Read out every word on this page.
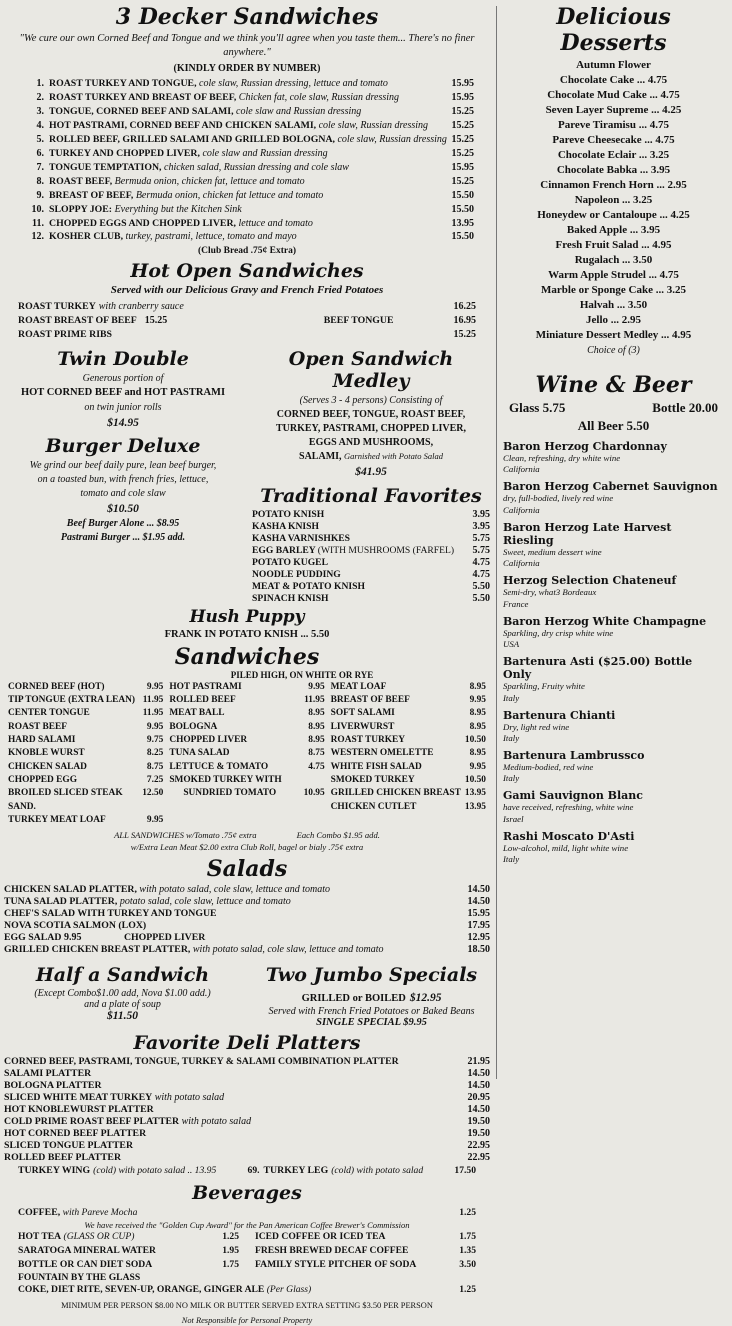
3 Decker Sandwiches
"We cure our own Corned Beef and Tongue and we think you'll agree when you taste them... There's no finer anywhere."
(KINDLY ORDER BY NUMBER)
1. ROAST TURKEY AND TONGUE,
cole slaw, Russian dressing, lettuce and tomato	15.95
2. ROAST TURKEY AND BREAST OF BEEF,
Chicken fat, cole slaw, Russian dressing	15.95
3. TONGUE, CORNED BEEF AND SALAMI,
cole slaw and Russian dressing	15.25
4. HOT PASTRAMI, CORNED BEEF AND CHICKEN SALAMI,
cole slaw, Russian dressing 15.25
5. ROLLED BEEF, GRILLED SALAMI AND GRILLED BOLOGNA,
cole slaw, Russian dressing 15.25
6. TURKEY AND CHOPPED LIVER,
cole slaw and Russian dressing	15.25
7. TONGUE TEMPTATION,
chicken salad, Russian dressing and cole slaw	15.95
8. ROAST BEEF,
Bermuda onion, chicken fat, lettuce and tomato	15.25
9. BREAST OF BEEF,
Bermuda onion, chicken fat lettuce and tomato	15.50
10. SLOPPY JOE:
Everything but the Kitchen Sink	15.50
11. CHOPPED EGGS AND CHOPPED LIVER,
lettuce and tomato	13.95
12. KOSHER CLUB,
turkey, pastrami, lettuce, tomato and mayo	15.50
(Club Bread .75¢ Extra)
Hot Open Sandwiches
Served with our Delicious Gravy and French Fried Potatoes
ROAST TURKEY with cranberry sauce	16.25
ROAST BREAST OF BEEF 15.25	BEEF TONGUE	16.95
ROAST PRIME RIBS	15.25
Twin Double
Generous portion of
HOT CORNED BEEF and HOT PASTRAMI
on twin junior rolls
$14.95
Burger Deluxe
We grind our beef daily pure, lean beef burger,
on a toasted bun, with french fries, lettuce,
tomato and cole slaw
$10.50
Beef Burger Alone ... $8.95
Pastrami Burger ... $1.95 add.
Open Sandwich Medley
(Serves 3 - 4 persons) Consisting of
CORNED BEEF, TONGUE, ROAST BEEF,
TURKEY, PASTRAMI, CHOPPED LIVER,
EGGS AND MUSHROOMS,
SALAMI, Garnished with Potato Salad
$41.95
Traditional Favorites
POTATO KNISH	3.95
KASHA KNISH	3.95
KASHA VARNISHKES	5.75
EGG BARLEY (WITH MUSHROOMS (FARFEL)	5.75
POTATO KUGEL	4.75
NOODLE PUDDING	4.75
MEAT & POTATO KNISH	5.50
SPINACH KNISH	5.50
Hush Puppy
FRANK IN POTATO KNISH ... 5.50
Sandwiches
PILED HIGH, ON WHITE OR RYE
CORNED BEEF (HOT)	9.95
TIP TONGUE (EXTRA LEAN) 11.95
CENTER TONGUE	11.95
ROAST BEEF	9.95
HARD SALAMI	9.75
KNOBLE WURST	8.25
CHICKEN SALAD	8.75
CHOPPED EGG	7.25
BROILED SLICED STEAK SAND.
12.50
TURKEY MEAT LOAF	9.95
HOT PASTRAMI	9.95
ROLLED BEEF	11.95
MEAT BALL	8.95
BOLOGNA	8.95
CHOPPED LIVER	8.95
TUNA SALAD	8.75
LETTUCE & TOMATO	4.75
SMOKED TURKEY WITH
SUNDRIED TOMATO	10.95
MEAT LOAF	8.95
BREAST OF BEEF	9.95
SOFT SALAMI	8.95
LIVERWURST	8.95
ROAST TURKEY	10.50
WESTERN OMELETTE	8.95
WHITE FISH SALAD	9.95
SMOKED TURKEY	10.50
GRILLED CHICKEN BREAST 13.95
CHICKEN CUTLET	13.95
ALL SANDWICHES w/Tomato .75¢ extra	Each Combo $1.95 add.
w/Extra Lean Meat $2.00 extra Club Roll, bagel or bialy .75¢ extra
Salads
CHICKEN SALAD PLATTER, with potato salad, cole slaw, lettuce and tomato	14.50
TUNA SALAD PLATTER, potato salad, cole slaw, lettuce and tomato	14.50
CHEF'S SALAD WITH TURKEY AND TONGUE	15.95
NOVA SCOTIA SALMON (LOX)	17.95
EGG SALAD 9.95 CHOPPED LIVER	12.95
GRILLED CHICKEN BREAST PLATTER, with potato salad, cole slaw, lettuce and tomato	18.50
Half a Sandwich
(Except Combo$1.00 add, Nova $1.00 add.)
and a plate of soup
$11.50
Two Jumbo Specials
GRILLED or BOILED $12.95
Served with French Fried Potatoes or Baked Beans
SINGLE SPECIAL $9.95
Favorite Deli Platters
CORNED BEEF, PASTRAMI, TONGUE, TURKEY & SALAMI COMBINATION PLATTER	21.95
SALAMI PLATTER	14.50
BOLOGNA PLATTER	14.50
SLICED WHITE MEAT TURKEY with potato salad	20.95
HOT KNOBLEWURST PLATTER	14.50
COLD PRIME ROAST BEEF PLATTER with potato salad	19.50
HOT CORNED BEEF PLATTER	19.50
SLICED TONGUE PLATTER	22.95
ROLLED BEEF PLATTER	22.95
TURKEY WING (cold) with potato salad .. 13.95	69. TURKEY LEG (cold) with potato salad	17.50
Beverages
COFFEE,
with Pareve Mocha	1.25
We have received the "Golden Cup Award" for the Pan American Coffee Brewer's Commission
HOT TEA
(GLASS OR CUP)	1.25
SARATOGA MINERAL WATER	1.95
BOTTLE OR CAN DIET SODA	1.75
ICED COFFEE OR ICED TEA	1.75
FRESH BREWED DECAF COFFEE	1.35
FAMILY STYLE PITCHER OF SODA	3.50
FOUNTAIN BY THE GLASS
COKE, DIET RITE, SEVEN-UP, ORANGE, GINGER ALE
(Per Glass)	1.25
MINIMUM PER PERSON $8.00 NO MILK OR BUTTER SERVED EXTRA SETTING $3.50 PER PERSON
Not Responsible for Personal Property
Delicious Desserts
Autumn Flower
Chocolate Cake ... 4.75
Chocolate Mud Cake ... 4.75
Seven Layer Supreme ... 4.25
Pareve Tiramisu ... 4.75
Pareve Cheesecake ... 4.75
Chocolate Eclair ... 3.25
Chocolate Babka ... 3.95
Cinnamon French Horn ... 2.95
Napoleon ... 3.25
Honeydew or Cantaloupe ... 4.25
Baked Apple ... 3.95
Fresh Fruit Salad ... 4.95
Rugalach ... 3.50
Warm Apple Strudel ... 4.75
Marble or Sponge Cake ... 3.25
Halvah ... 3.50
Jello ... 2.95
Miniature Dessert Medley ... 4.95
Choice of (3)
Wine & Beer
Glass 5.75	Bottle 20.00
All Beer 5.50
Baron Herzog Chardonnay
Clean, refreshing, dry white wine
California
Baron Herzog Cabernet Sauvignon
dry, full-bodied, lively red wine
California
Baron Herzog Late Harvest Riesling
Sweet, medium dessert wine
California
Herzog Selection Chateneuf
Semi-dry, what3 Bordeaux
France
Baron Herzog White Champagne
Sparkling, dry crisp white wine
USA
Bartenura Asti ($25.00) Bottle Only
Sparkling, Fruity white
Italy
Bartenura Chianti
Dry, light red wine
Italy
Bartenura Lambrussco
Medium-bodied, red wine
Italy
Gami Sauvignon Blanc
have received, refreshing, white wine
Israel
Rashi Moscato D'Asti
Low-alcohol, mild, light white wine
Italy
